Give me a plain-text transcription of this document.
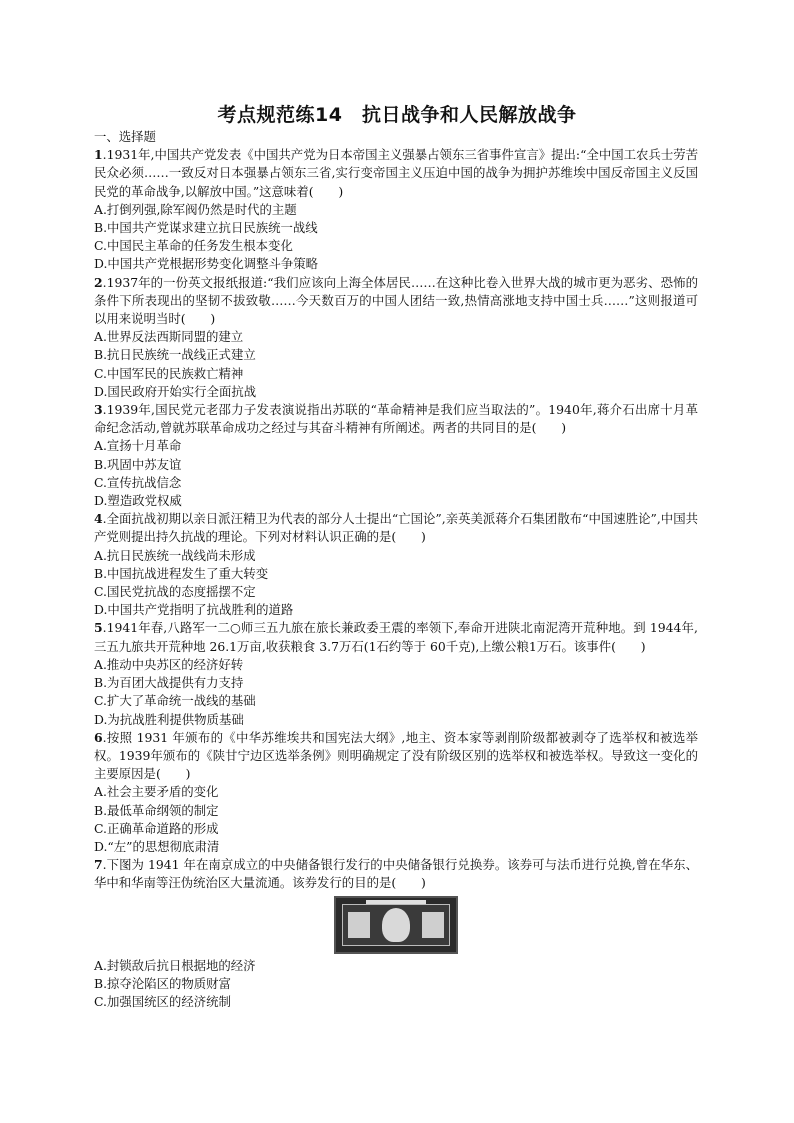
考点规范练14　抗日战争和人民解放战争
一、选择题

1.1931年,中国共产党发表《中国共产党为日本帝国主义强暴占领东三省事件宣言》提出:“全中国工农兵士劳苦民众必须……一致反对日本强暴占领东三省,实行变帝国主义压迫中国的战争为拥护苏维埃中国反帝国主义反国民党的革命战争,以解放中国。”这意味着(　　)

A.打倒列强,除军阀仍然是时代的主题
B.中国共产党谋求建立抗日民族统一战线
C.中国民主革命的任务发生根本变化
D.中国共产党根据形势变化调整斗争策略

2.1937年的一份英文报纸报道:“我们应该向上海全体居民……在这种比卷入世界大战的城市更为恶劣、恐怖的条件下所表现出的坚韧不拔致敬……今天数百万的中国人团结一致,热情高涨地支持中国士兵……”这则报道可以用来说明当时(　　)

A.世界反法西斯同盟的建立
B.抗日民族统一战线正式建立
C.中国军民的民族救亡精神
D.国民政府开始实行全面抗战

3.1939年,国民党元老邵力子发表演说指出苏联的“革命精神是我们应当取法的”。1940年,蒋介石出席十月革命纪念活动,曾就苏联革命成功之经过与其奋斗精神有所阐述。两者的共同目的是(　　)

A.宣扬十月革命
B.巩固中苏友谊
C.宣传抗战信念
D.塑造政党权威

4.全面抗战初期以亲日派汪精卫为代表的部分人士提出“亡国论”,亲英美派蒋介石集团散布“中国速胜论”,中国共产党则提出持久抗战的理论。下列对材料认识正确的是(　　)

A.抗日民族统一战线尚未形成
B.中国抗战进程发生了重大转变
C.国民党抗战的态度摇摆不定
D.中国共产党指明了抗战胜利的道路

5.1941年春,八路军一二○师三五九旅在旅长兼政委王震的率领下,奉命开进陕北南泥湾开荒种地。到 1944年,三五九旅共开荒种地 26.1万亩,收获粮食 3.7万石(1石约等于 60千克),上缴公粮1万石。该事件(　　)

A.推动中央苏区的经济好转
B.为百团大战提供有力支持
C.扩大了革命统一战线的基础
D.为抗战胜利提供物质基础

6.按照 1931 年颁布的《中华苏维埃共和国宪法大纲》,地主、资本家等剥削阶级都被剥夺了选举权和被选举权。1939年颁布的《陕甘宁边区选举条例》则明确规定了没有阶级区别的选举权和被选举权。导致这一变化的主要原因是(　　)

A.社会主要矛盾的变化
B.最低革命纲领的制定
C.正确革命道路的形成
D.“左”的思想彻底肃清

7.下图为 1941 年在南京成立的中央储备银行发行的中央储备银行兑换券。该券可与法币进行兑换,曾在华东、华中和华南等汪伪统治区大量流通。该券发行的目的是(　　)

A.封锁敌后抗日根据地的经济
B.掠夺沦陷区的物质财富
C.加强国统区的经济统制
